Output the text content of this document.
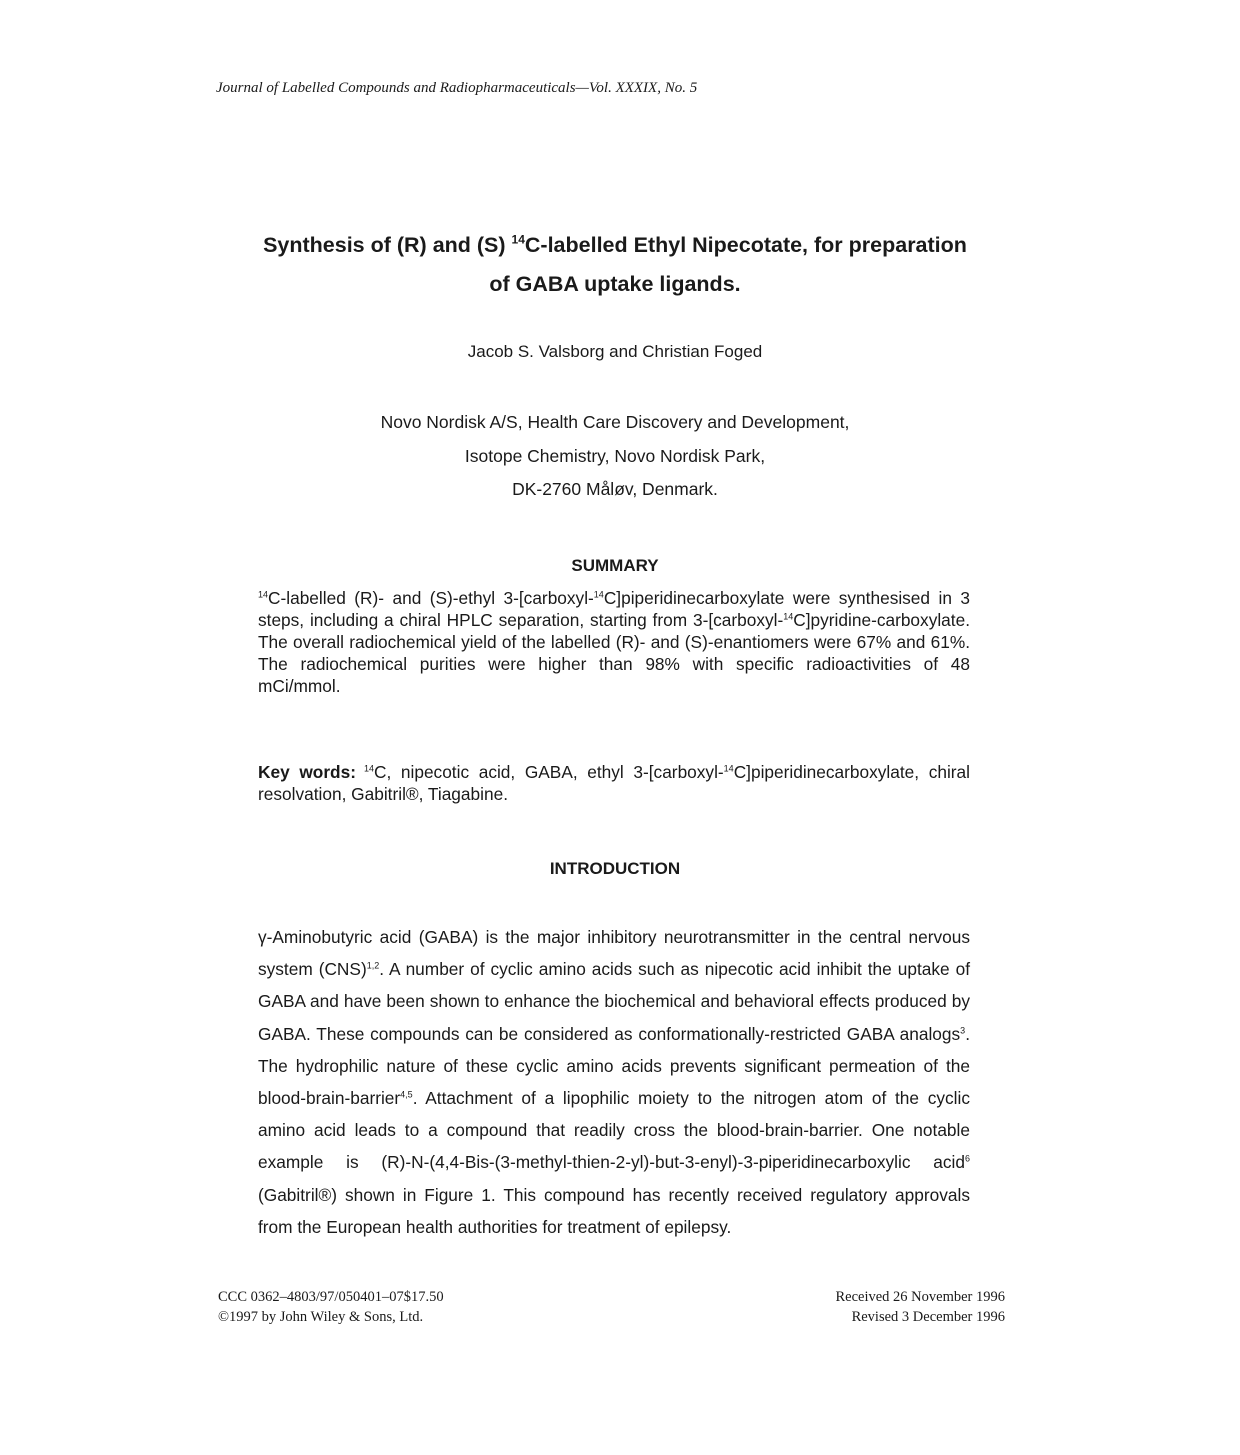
Journal of Labelled Compounds and Radiopharmaceuticals—Vol. XXXIX, No. 5
Synthesis of (R) and (S) $^{14}$C-labelled Ethyl Nipecotate, for preparation of GABA uptake ligands.
Jacob S. Valsborg and Christian Foged
Novo Nordisk A/S, Health Care Discovery and Development,
Isotope Chemistry, Novo Nordisk Park,
DK-2760 Måløv, Denmark.
SUMMARY
$^{14}$C-labelled (R)- and (S)-ethyl 3-[carboxyl-$^{14}$C]piperidinecarboxylate were synthesised in 3 steps, including a chiral HPLC separation, starting from 3-[carboxyl-$^{14}$C]pyridine-carboxylate. The overall radiochemical yield of the labelled (R)- and (S)-enantiomers were 67% and 61%. The radiochemical purities were higher than 98% with specific radioactivities of 48 mCi/mmol.
Key words: $^{14}$C, nipecotic acid, GABA, ethyl 3-[carboxyl-$^{14}$C]piperidinecarboxylate, chiral resolvation, Gabitril®, Tiagabine.
INTRODUCTION
γ-Aminobutyric acid (GABA) is the major inhibitory neurotransmitter in the central nervous system (CNS)$^{1,2}$. A number of cyclic amino acids such as nipecotic acid inhibit the uptake of GABA and have been shown to enhance the biochemical and behavioral effects produced by GABA. These compounds can be considered as conformationally-restricted GABA analogs$^3$. The hydrophilic nature of these cyclic amino acids prevents significant permeation of the blood-brain-barrier$^{4,5}$. Attachment of a lipophilic moiety to the nitrogen atom of the cyclic amino acid leads to a compound that readily cross the blood-brain-barrier. One notable example is (R)-N-(4,4-Bis-(3-methyl-thien-2-yl)-but-3-enyl)-3-piperidinecarboxylic acid$^6$ (Gabitril®) shown in Figure 1. This compound has recently received regulatory approvals from the European health authorities for treatment of epilepsy.
CCC 0362–4803/97/050401–07$17.50
©1997 by John Wiley & Sons, Ltd.
Received 26 November 1996
Revised 3 December 1996
